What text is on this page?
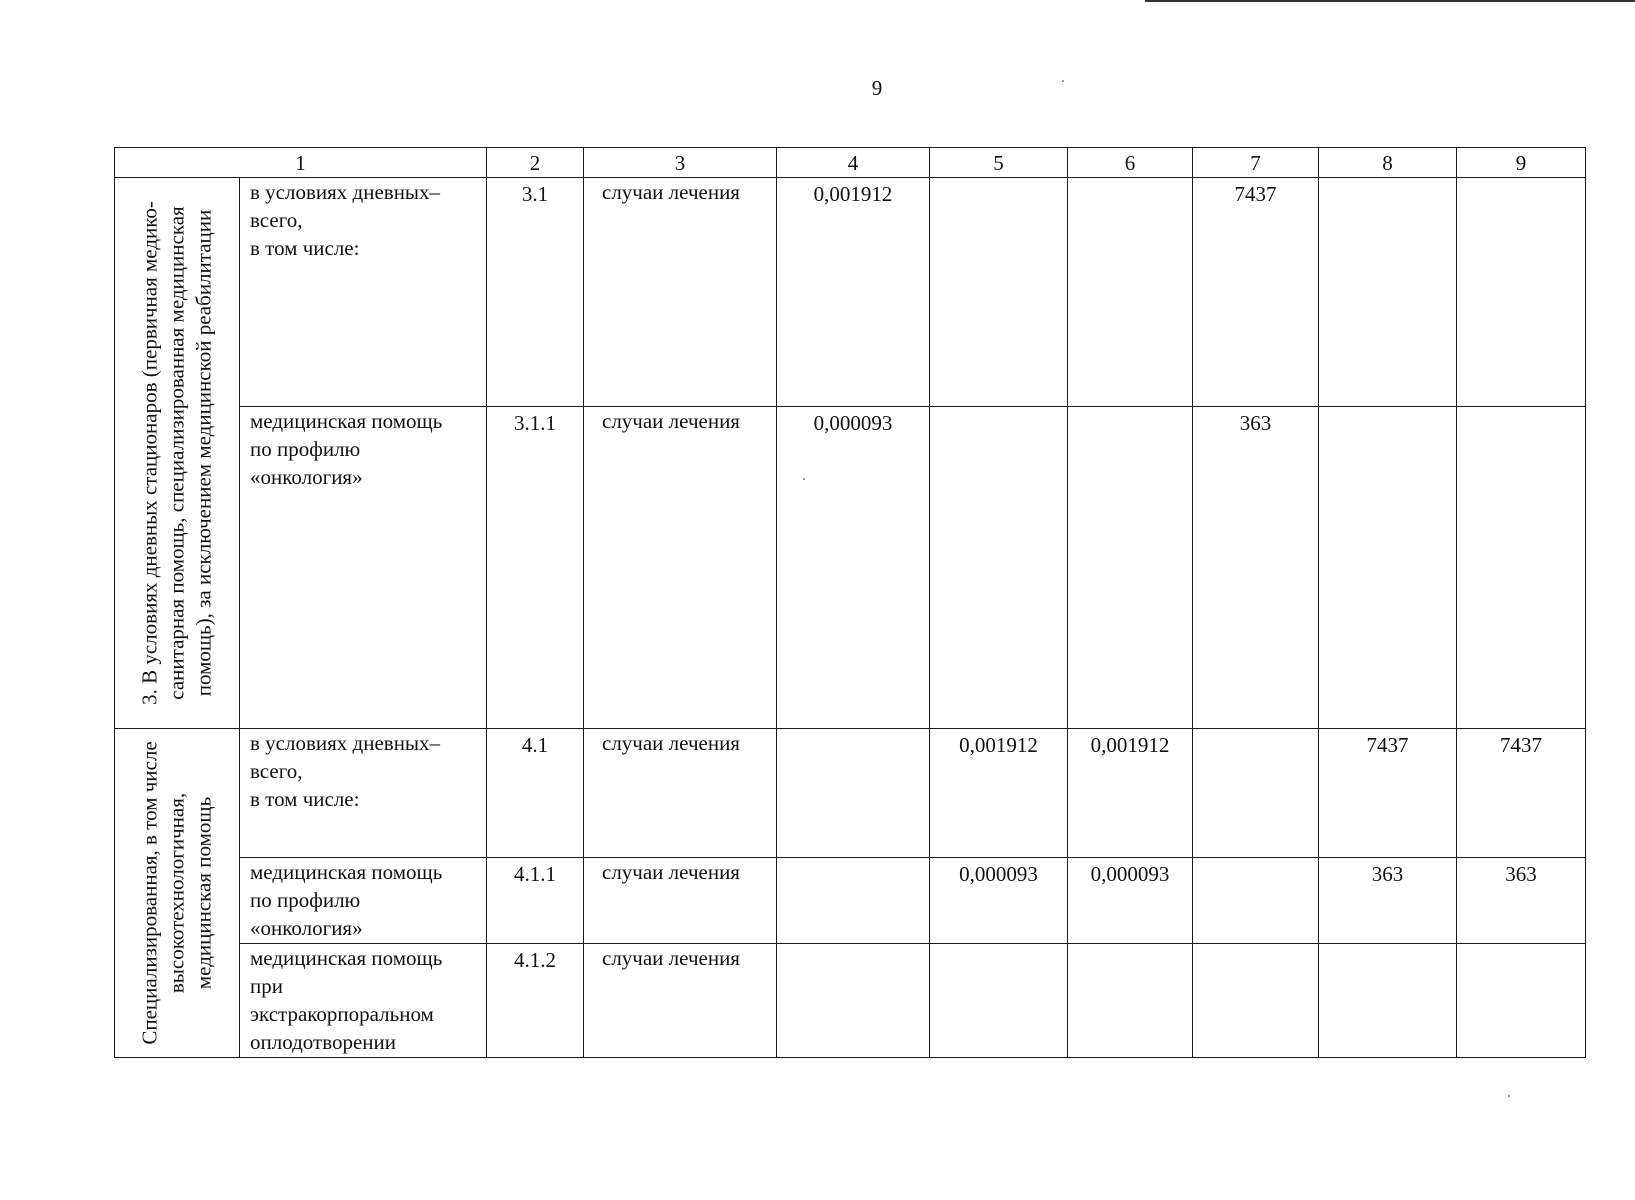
9
1		2	3	4	5	6	7	8	9

3. В условиях дневных стационаров (первичная медико-санитарная помощь, специализированная медицинская помощь), за исключением медицинской реабилитации	в условиях дневных–
всего,
в том числе:	3.1	случаи лечения	0,001912			7437		
	медицинская помощь
по профилю
«онкология»	3.1.1	случаи лечения	0,000093			363		

Специализированная, в том числе высокотехнологичная, медицинская помощь	в условиях дневных–
всего,
в том числе:	4.1	случаи лечения		0,001912	0,001912		7437	7437
	медицинская помощь
по профилю
«онкология»	4.1.1	случаи лечения		0,000093	0,000093		363	363
	медицинская помощь
при
экстракорпоральном
оплодотворении	4.1.2	случаи лечения						
